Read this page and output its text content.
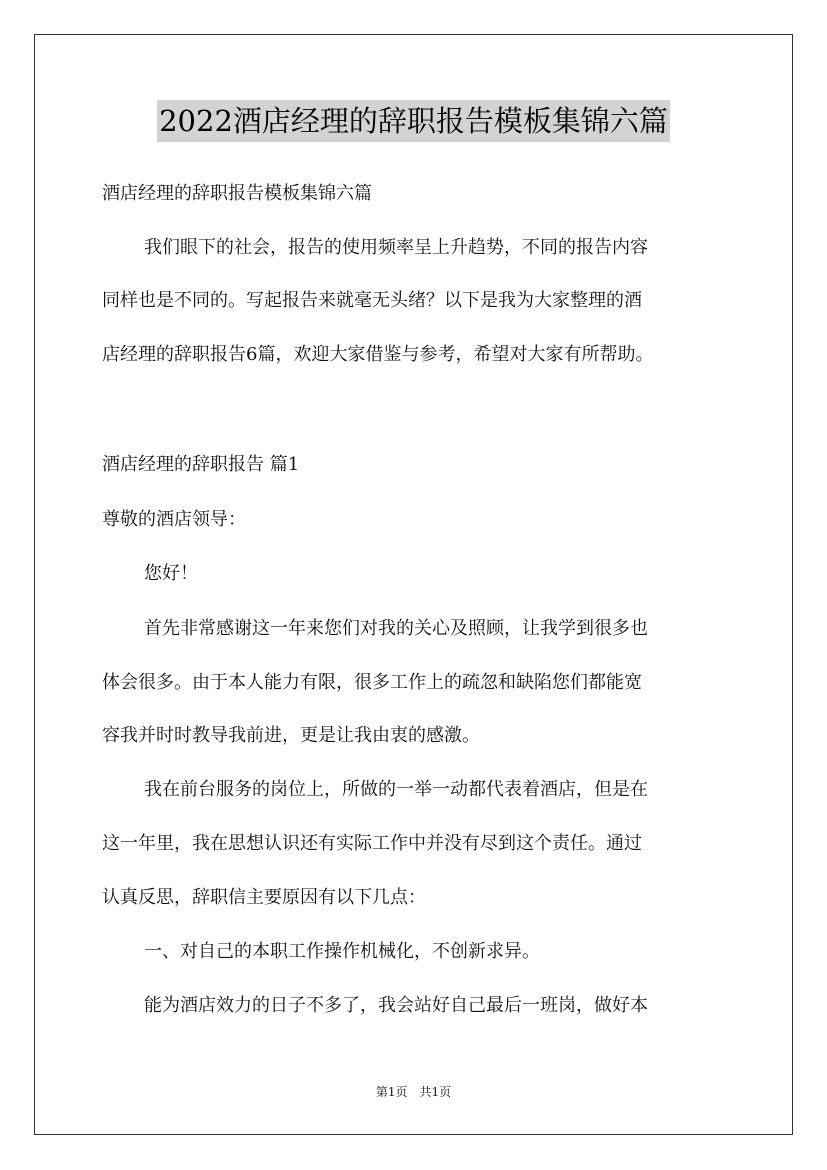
2022酒店经理的辞职报告模板集锦六篇
酒店经理的辞职报告模板集锦六篇
我们眼下的社会，报告的使用频率呈上升趋势，不同的报告内容
同样也是不同的。写起报告来就毫无头绪？以下是我为大家整理的酒
店经理的辞职报告6篇，欢迎大家借鉴与参考，希望对大家有所帮助。
酒店经理的辞职报告 篇1
尊敬的酒店领导：
您好！
首先非常感谢这一年来您们对我的关心及照顾，让我学到很多也
体会很多。由于本人能力有限，很多工作上的疏忽和缺陷您们都能宽
容我并时时教导我前进，更是让我由衷的感激。
我在前台服务的岗位上，所做的一举一动都代表着酒店，但是在
这一年里，我在思想认识还有实际工作中并没有尽到这个责任。通过
认真反思，辞职信主要原因有以下几点：
一、对自己的本职工作操作机械化，不创新求异。
能为酒店效力的日子不多了，我会站好自己最后一班岗，做好本
第1页　共1页
